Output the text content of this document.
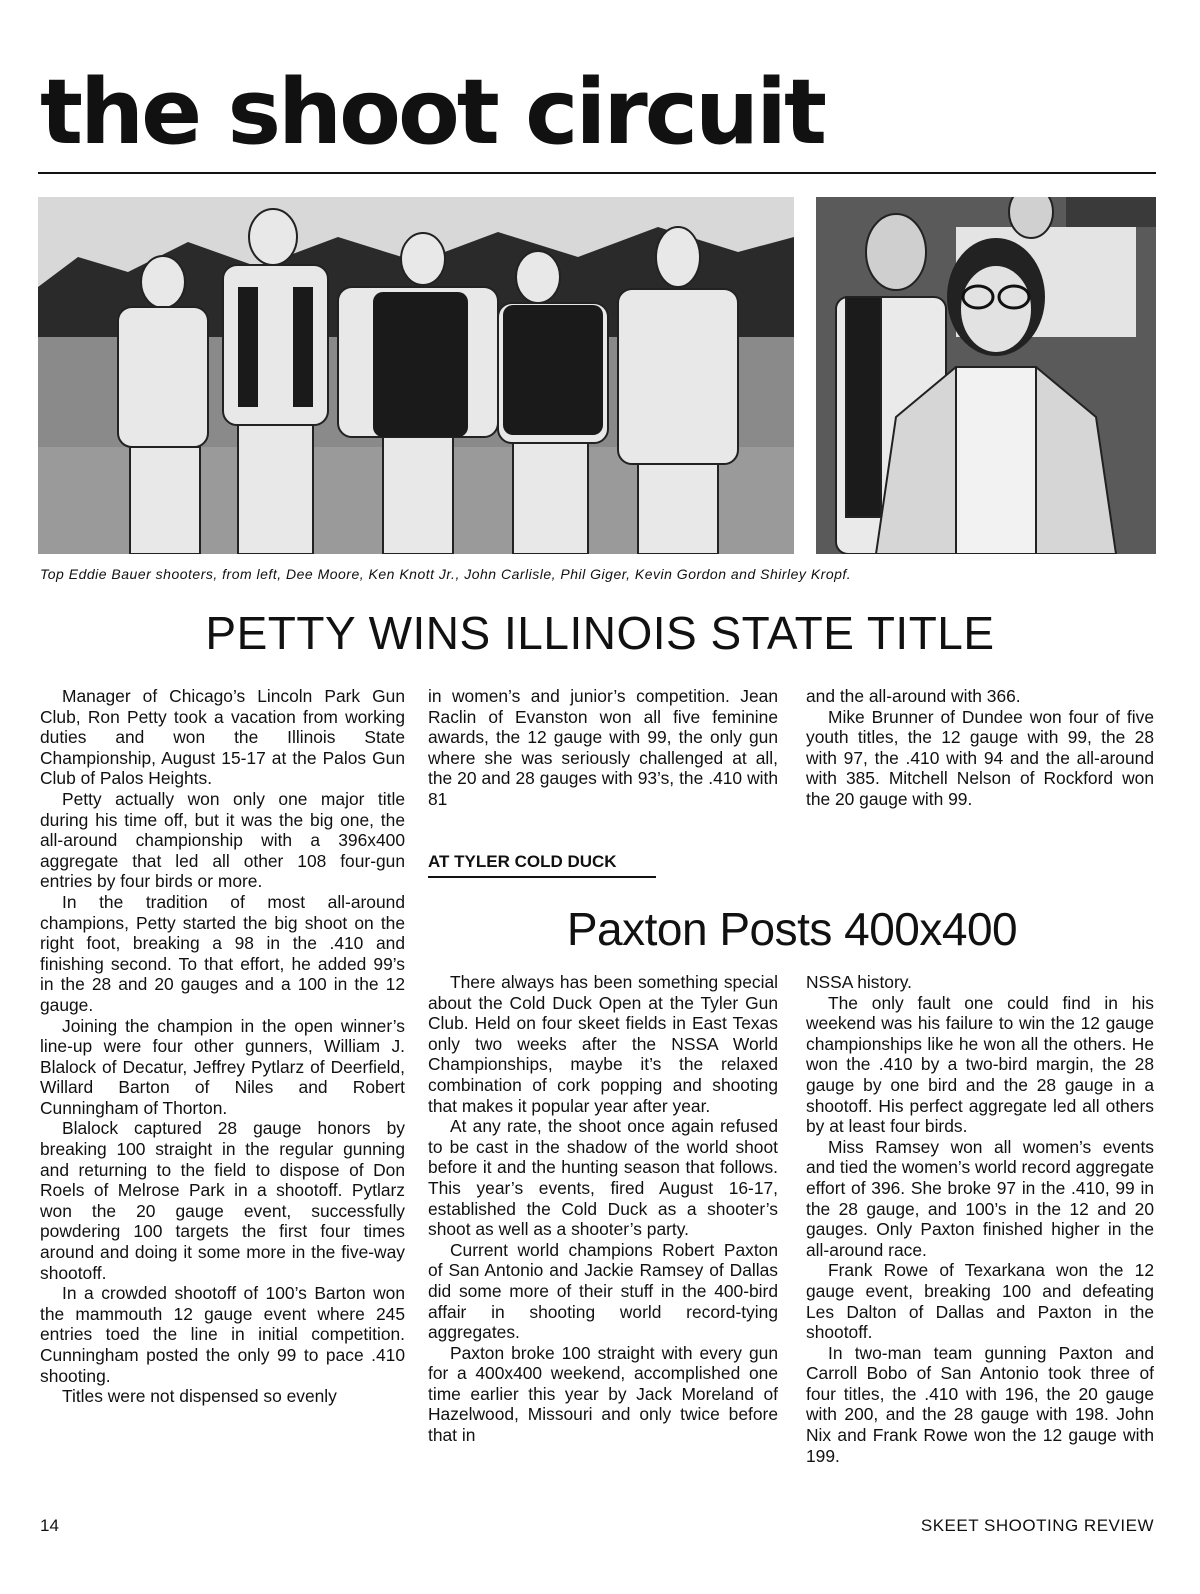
the shoot circuit
Top Eddie Bauer shooters, from left, Dee Moore, Ken Knott Jr., John Carlisle, Phil Giger, Kevin Gordon and Shirley Kropf.
PETTY WINS ILLINOIS STATE TITLE

Manager of Chicago’s Lincoln Park Gun Club, Ron Petty took a vacation from working duties and won the Illinois State Championship, August 15-17 at the Palos Gun Club of Palos Heights.

Petty actually won only one major title during his time off, but it was the big one, the all-around championship with a 396x400 aggregate that led all other 108 four-gun entries by four birds or more.

In the tradition of most all-around champions, Petty started the big shoot on the right foot, breaking a 98 in the .410 and finishing second. To that effort, he added 99’s in the 28 and 20 gauges and a 100 in the 12 gauge.

Joining the champion in the open winner’s line-up were four other gunners, William J. Blalock of Decatur, Jeffrey Pytlarz of Deerfield, Willard Barton of Niles and Robert Cunningham of Thorton.

Blalock captured 28 gauge honors by breaking 100 straight in the regular gunning and returning to the field to dispose of Don Roels of Melrose Park in a shootoff. Pytlarz won the 20 gauge event, successfully powdering 100 targets the first four times around and doing it some more in the five-way shootoff.

In a crowded shootoff of 100’s Barton won the mammouth 12 gauge event where 245 entries toed the line in initial competition. Cunningham posted the only 99 to pace .410 shooting.

Titles were not dispensed so evenly

in women’s and junior’s competition. Jean Raclin of Evanston won all five feminine awards, the 12 gauge with 99, the only gun where she was seriously challenged at all, the 20 and 28 gauges with 93’s, the .410 with 81

and the all-around with 366.

Mike Brunner of Dundee won four of five youth titles, the 12 gauge with 99, the 28 with 97, the .410 with 94 and the all-around with 385. Mitchell Nelson of Rockford won the 20 gauge with 99.

AT TYLER COLD DUCK
Paxton Posts 400x400

There always has been something special about the Cold Duck Open at the Tyler Gun Club. Held on four skeet fields in East Texas only two weeks after the NSSA World Championships, maybe it’s the relaxed combination of cork popping and shooting that makes it popular year after year.

At any rate, the shoot once again refused to be cast in the shadow of the world shoot before it and the hunting season that follows. This year’s events, fired August 16-17, established the Cold Duck as a shooter’s shoot as well as a shooter’s party.

Current world champions Robert Paxton of San Antonio and Jackie Ramsey of Dallas did some more of their stuff in the 400-bird affair in shooting world record-tying aggregates.

Paxton broke 100 straight with every gun for a 400x400 weekend, accomplished one time earlier this year by Jack Moreland of Hazelwood, Missouri and only twice before that in

NSSA history.

The only fault one could find in his weekend was his failure to win the 12 gauge championships like he won all the others. He won the .410 by a two-bird margin, the 28 gauge by one bird and the 28 gauge in a shootoff. His perfect aggregate led all others by at least four birds.

Miss Ramsey won all women’s events and tied the women’s world record aggregate effort of 396. She broke 97 in the .410, 99 in the 28 gauge, and 100’s in the 12 and 20 gauges. Only Paxton finished higher in the all-around race.

Frank Rowe of Texarkana won the 12 gauge event, breaking 100 and defeating Les Dalton of Dallas and Paxton in the shootoff.

In two-man team gunning Paxton and Carroll Bobo of San Antonio took three of four titles, the .410 with 196, the 20 gauge with 200, and the 28 gauge with 198. John Nix and Frank Rowe won the 12 gauge with 199.

14	SKEET SHOOTING REVIEW
